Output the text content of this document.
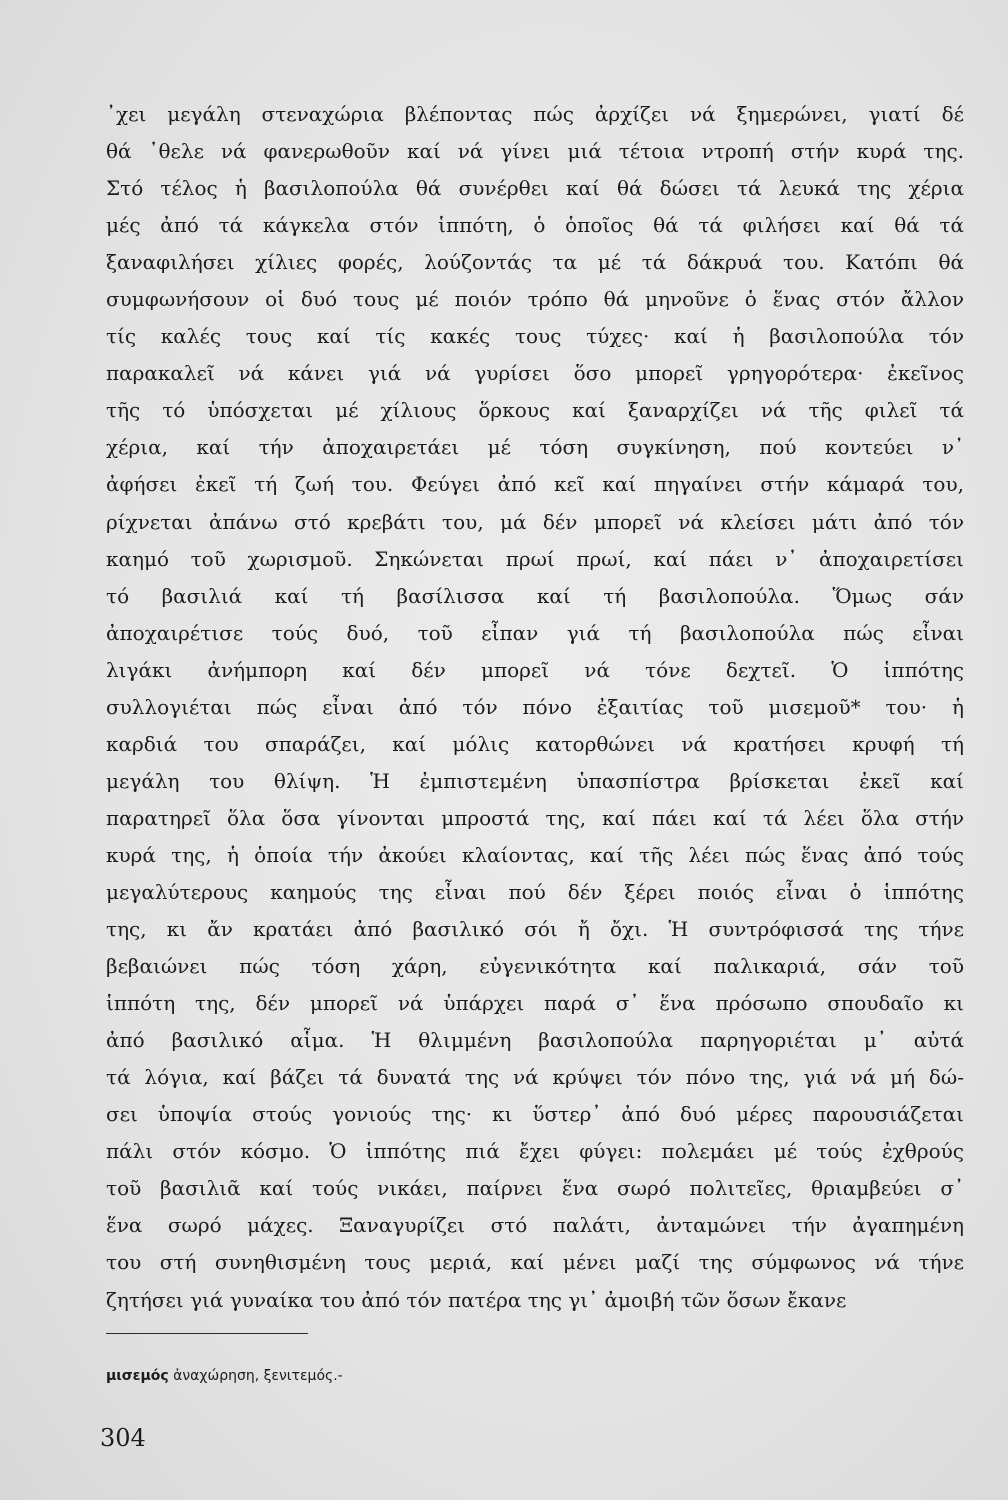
᾽χει μεγάλη στεναχώρια βλέποντας πώς ἀρχίζει νά ξημερώνει, γιατί δέ
θά ᾽θελε νά φανερωθοῦν καί νά γίνει μιά τέτοια ντροπή στήν κυρά της.
Στό τέλος ἡ βασιλοπούλα θά συνέρθει καί θά δώσει τά λευκά της χέρια
μές ἀπό τά κάγκελα στόν ἱππότη, ὁ ὁποῖος θά τά φιλήσει καί θά τά
ξαναφιλήσει χίλιες φορές, λούζοντάς τα μέ τά δάκρυά του. Κατόπι θά
συμφωνήσουν οἱ δυό τους μέ ποιόν τρόπο θά μηνοῦνε ὁ ἕνας στόν ἄλλον
τίς καλές τους καί τίς κακές τους τύχες· καί ἡ βασιλοπούλα τόν
παρακαλεῖ νά κάνει γιά νά γυρίσει ὅσο μπορεῖ γρηγορότερα· ἐκεῖνος
τῆς τό ὑπόσχεται μέ χίλιους ὅρκους καί ξαναρχίζει νά τῆς φιλεῖ τά
χέρια, καί τήν ἀποχαιρετάει μέ τόση συγκίνηση, πού κοντεύει ν᾽
ἀφήσει ἐκεῖ τή ζωή του. Φεύγει ἀπό κεῖ καί πηγαίνει στήν κάμαρά του,
ρίχνεται ἀπάνω στό κρεβάτι του, μά δέν μπορεῖ νά κλείσει μάτι ἀπό τόν
καημό τοῦ χωρισμοῦ. Σηκώνεται πρωί πρωί, καί πάει ν᾽ ἀποχαιρετίσει
τό βασιλιά καί τή βασίλισσα καί τή βασιλοπούλα. Ὅμως σάν
ἀποχαιρέτισε τούς δυό, τοῦ εἶπαν γιά τή βασιλοπούλα πώς εἶναι
λιγάκι ἀνήμπορη καί δέν μπορεῖ νά τόνε δεχτεῖ. Ὁ ἱππότης
συλλογιέται πώς εἶναι ἀπό τόν πόνο ἐξαιτίας τοῦ μισεμοῦ* του· ἡ
καρδιά του σπαράζει, καί μόλις κατορθώνει νά κρατήσει κρυφή τή
μεγάλη του θλίψη. Ἡ ἐμπιστεμένη ὑπασπίστρα βρίσκεται ἐκεῖ καί
παρατηρεῖ ὅλα ὅσα γίνονται μπροστά της, καί πάει καί τά λέει ὅλα στήν
κυρά της, ἡ ὁποία τήν ἀκούει κλαίοντας, καί τῆς λέει πώς ἕνας ἀπό τούς
μεγαλύτερους καημούς της εἶναι πού δέν ξέρει ποιός εἶναι ὁ ἱππότης
της, κι ἄν κρατάει ἀπό βασιλικό σόι ἤ ὄχι. Ἡ συντρόφισσά της τήνε
βεβαιώνει πώς τόση χάρη, εὐγενικότητα καί παλικαριά, σάν τοῦ
ἱππότη της, δέν μπορεῖ νά ὑπάρχει παρά σ᾽ ἕνα πρόσωπο σπουδαῖο κι
ἀπό βασιλικό αἷμα. Ἡ θλιμμένη βασιλοπούλα παρηγοριέται μ᾽ αὐτά
τά λόγια, καί βάζει τά δυνατά της νά κρύψει τόν πόνο της, γιά νά μή δώ-
σει ὑποψία στούς γονιούς της· κι ὕστερ᾽ ἀπό δυό μέρες παρουσιάζεται
πάλι στόν κόσμο. Ὁ ἱππότης πιά ἔχει φύγει: πολεμάει μέ τούς ἐχθρούς
τοῦ βασιλιᾶ καί τούς νικάει, παίρνει ἕνα σωρό πολιτεῖες, θριαμβεύει σ᾽
ἕνα σωρό μάχες. Ξαναγυρίζει στό παλάτι, ἀνταμώνει τήν ἀγαπημένη
του στή συνηθισμένη τους μεριά, καί μένει μαζί της σύμφωνος νά τήνε
ζητήσει γιά γυναίκα του ἀπό τόν πατέρα της γι᾽ ἀμοιβή τῶν ὅσων ἔκανε
μισεμός ἀναχώρηση, ξενιτεμός.-
304
